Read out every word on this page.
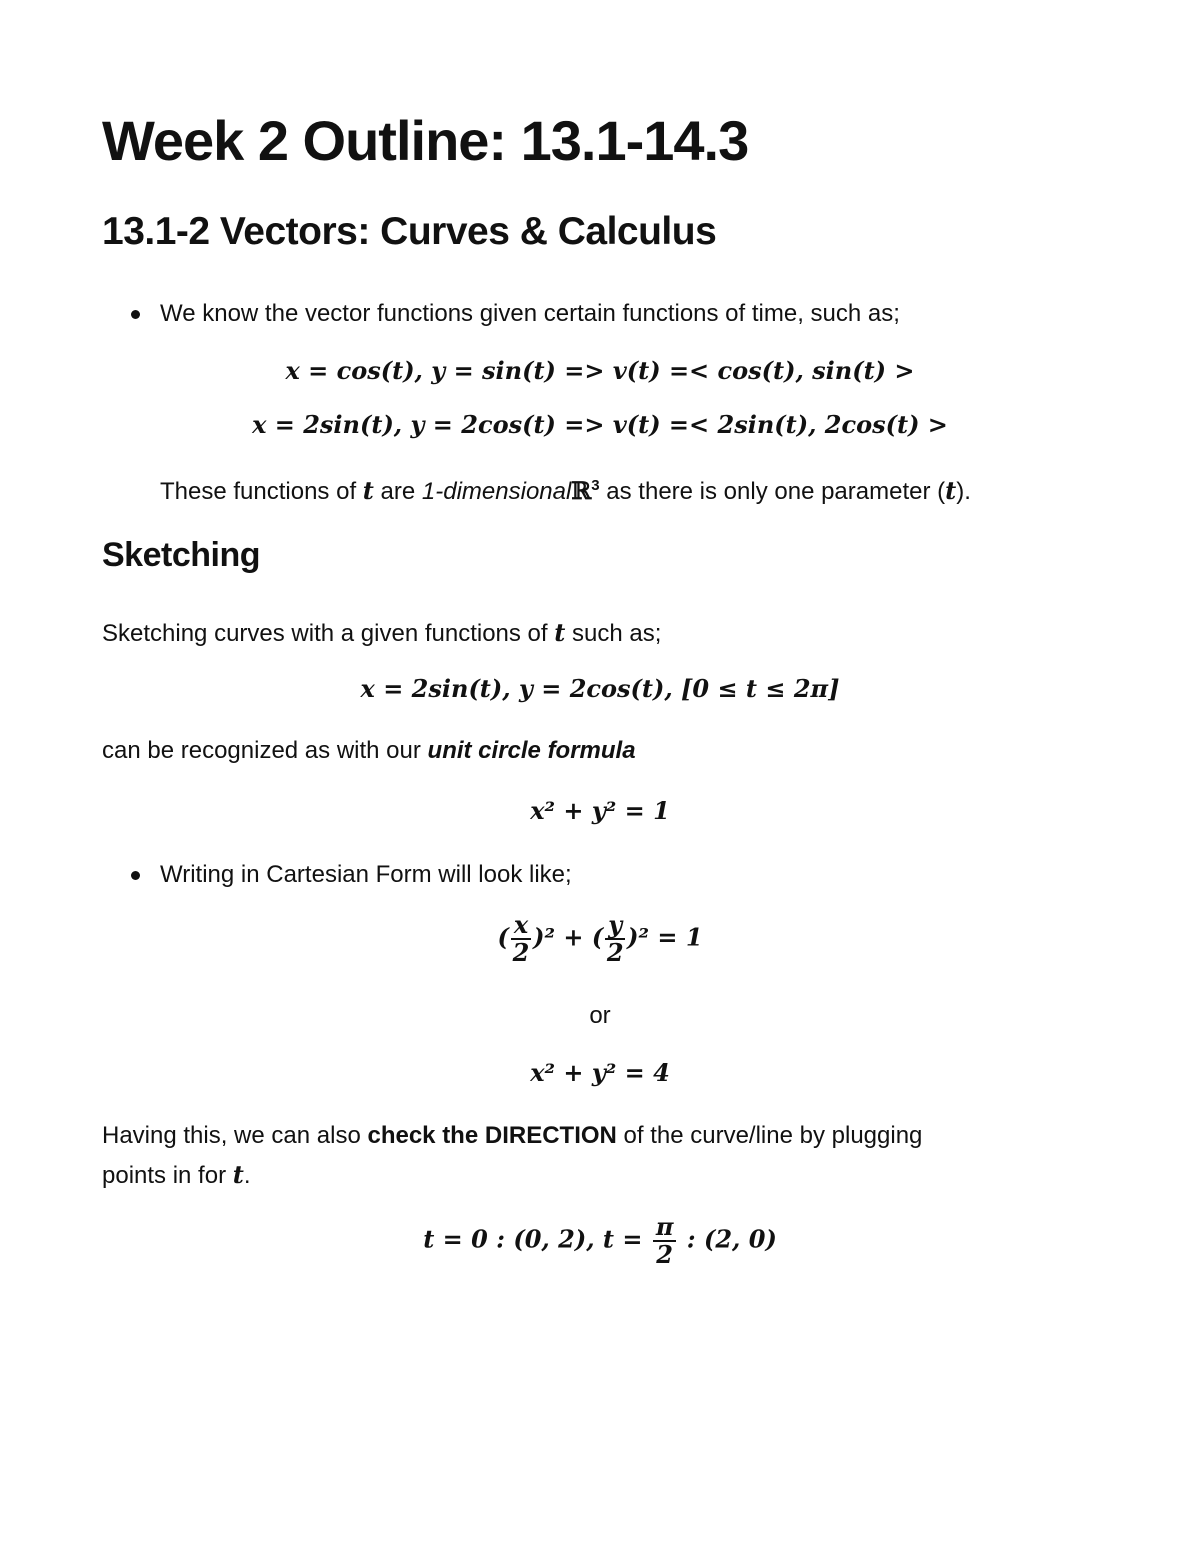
Week 2 Outline: 13.1-14.3
13.1-2 Vectors: Curves & Calculus
We know the vector functions given certain functions of time, such as;
x = cos(t), y = sin(t) => v(t) =< cos(t), sin(t) >
x = 2sin(t), y = 2cos(t) => v(t) =< 2sin(t), 2cos(t) >
These functions of t are 1-dimensionalℝ$^3$ as there is only one parameter (t).
Sketching
Sketching curves with a given functions of t such as;
x = 2sin(t), y = 2cos(t), [0 ≤ t ≤ 2π]
can be recognized as with our unit circle formula
x² + y² = 1
Writing in Cartesian Form will look like;
( $\frac{x}{2} )^2$ + ( $\frac{y}{2} )^2 = 1$
or
x² + y² = 4
Having this, we can also check the DIRECTION of the curve/line by plugging
points in for t.
t = 0 : (0, 2), $t = \frac{\pi}{2}$ : (2, 0)
